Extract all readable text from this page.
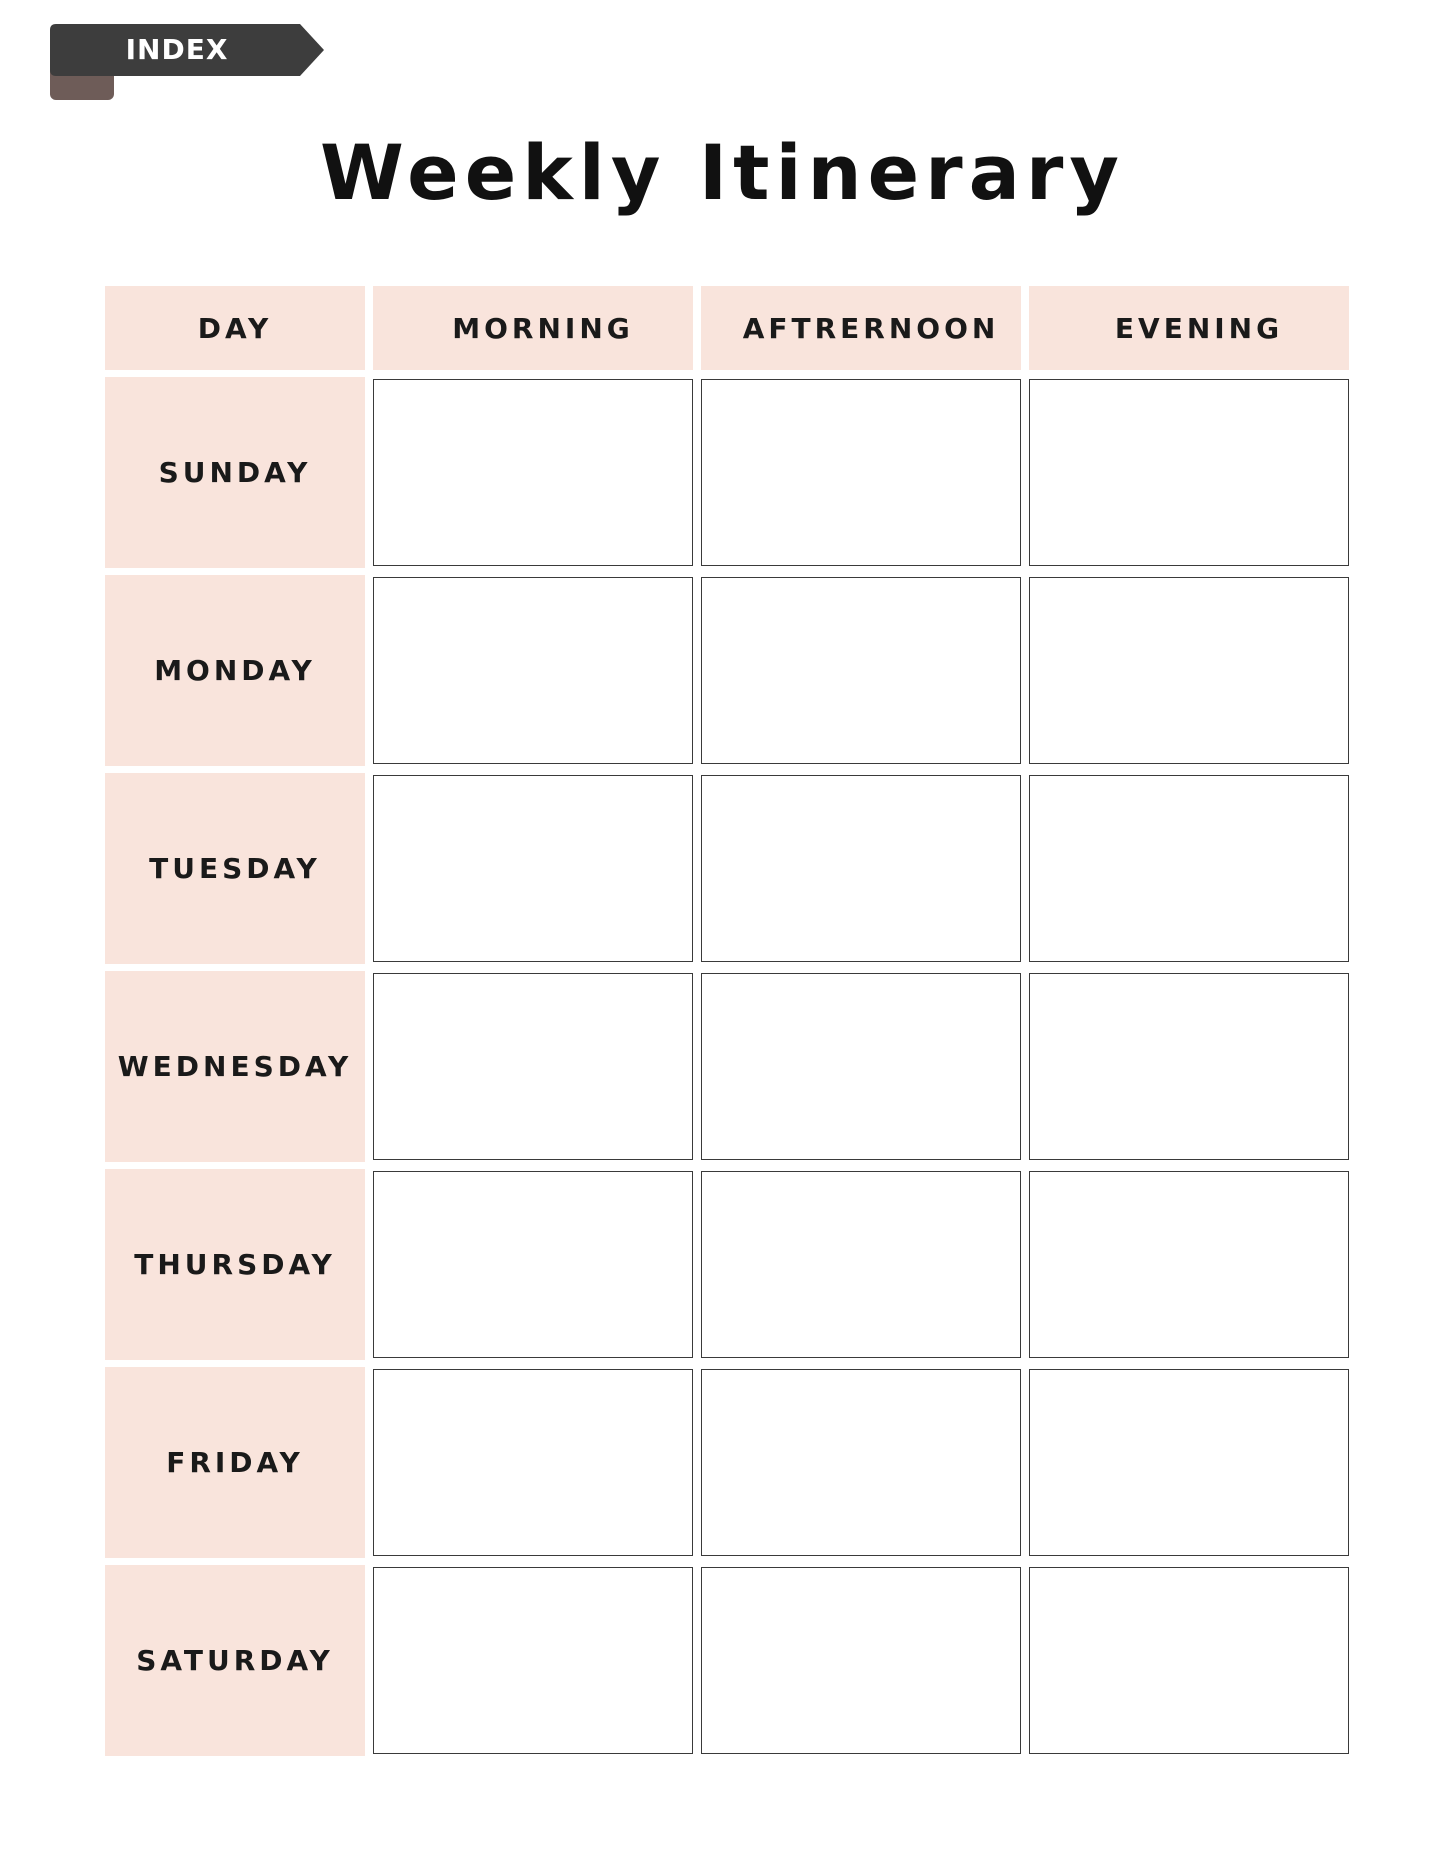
INDEX
Weekly Itinerary
DAY	MORNING	AFTRERNOON	EVENING
SUNDAY
MONDAY
TUESDAY
WEDNESDAY
THURSDAY
FRIDAY
SATURDAY
